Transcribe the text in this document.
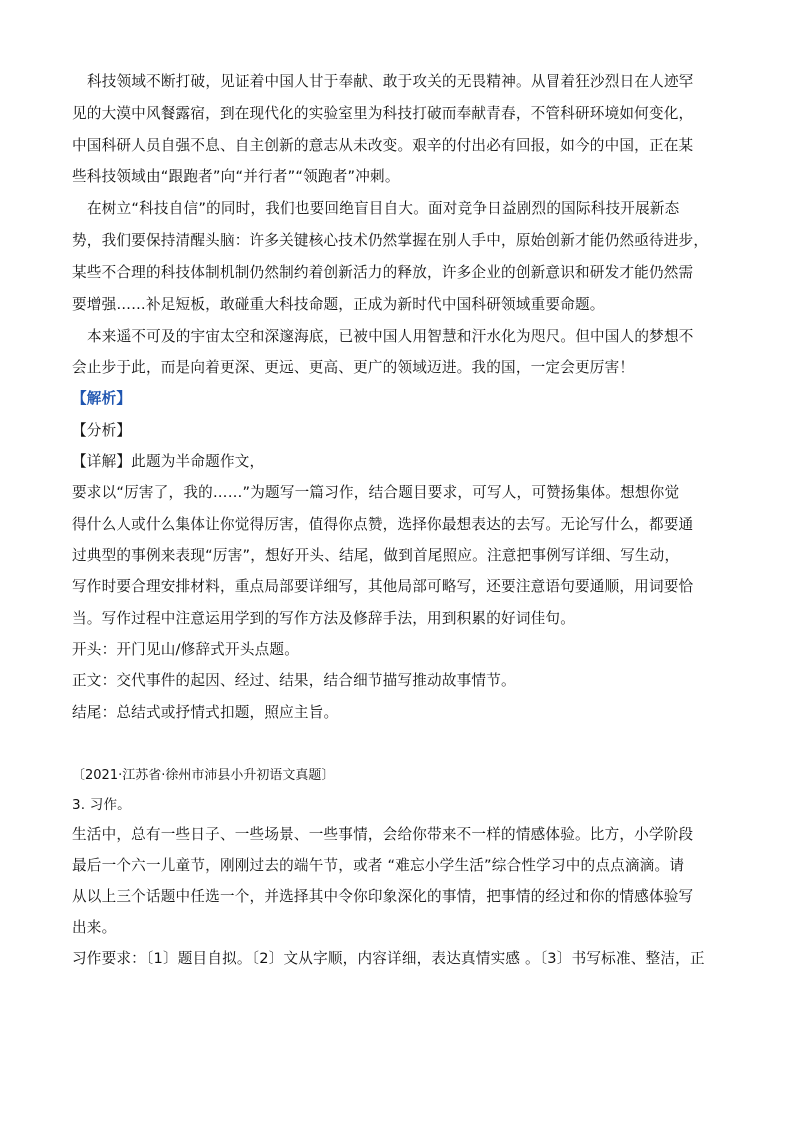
科技领域不断打破，见证着中国人甘于奉献、敢于攻关的无畏精神。从冒着狂沙烈日在人迹罕
见的大漠中风餐露宿，到在现代化的实验室里为科技打破而奉献青春，不管科研环境如何变化，
中国科研人员自强不息、自主创新的意志从未改变。艰辛的付出必有回报，如今的中国，正在某
些科技领域由“跟跑者”向“并行者”“领跑者”冲刺。
在树立“科技自信”的同时，我们也要回绝盲目自大。面对竞争日益剧烈的国际科技开展新态
势，我们要保持清醒头脑：许多关键核心技术仍然掌握在别人手中，原始创新才能仍然亟待进步，
某些不合理的科技体制机制仍然制约着创新活力的释放，许多企业的创新意识和研发才能仍然需
要增强……补足短板，敢碰重大科技命题，正成为新时代中国科研领域重要命题。
本来遥不可及的宇宙太空和深邃海底，已被中国人用智慧和汗水化为咫尺。但中国人的梦想不
会止步于此，而是向着更深、更远、更高、更广的领域迈进。我的国，一定会更厉害！
【解析】
【分析】
【详解】此题为半命题作文，
要求以“厉害了，我的……”为题写一篇习作，结合题目要求，可写人，可赞扬集体。想想你觉
得什么人或什么集体让你觉得厉害，值得你点赞，选择你最想表达的去写。无论写什么，都要通
过典型的事例来表现“厉害”，想好开头、结尾，做到首尾照应。注意把事例写详细、写生动，
写作时要合理安排材料，重点局部要详细写，其他局部可略写，还要注意语句要通顺，用词要恰
当。写作过程中注意运用学到的写作方法及修辞手法，用到积累的好词佳句。
开头：开门见山/修辞式开头点题。
正文：交代事件的起因、经过、结果，结合细节描写推动故事情节。
结尾：总结式或抒情式扣题，照应主旨。
〔2021·江苏省·徐州市沛县小升初语文真题〕
3. 习作。
生活中，总有一些日子、一些场景、一些事情，会给你带来不一样的情感体验。比方，小学阶段
最后一个六一儿童节，刚刚过去的端午节，或者 “难忘小学生活”综合性学习中的点点滴滴。请
从以上三个话题中任选一个，并选择其中令你印象深化的事情，把事情的经过和你的情感体验写
出来。
习作要求：〔1〕题目自拟。〔2〕文从字顺，内容详细，表达真情实感 。〔3〕书写标准、整洁，正
